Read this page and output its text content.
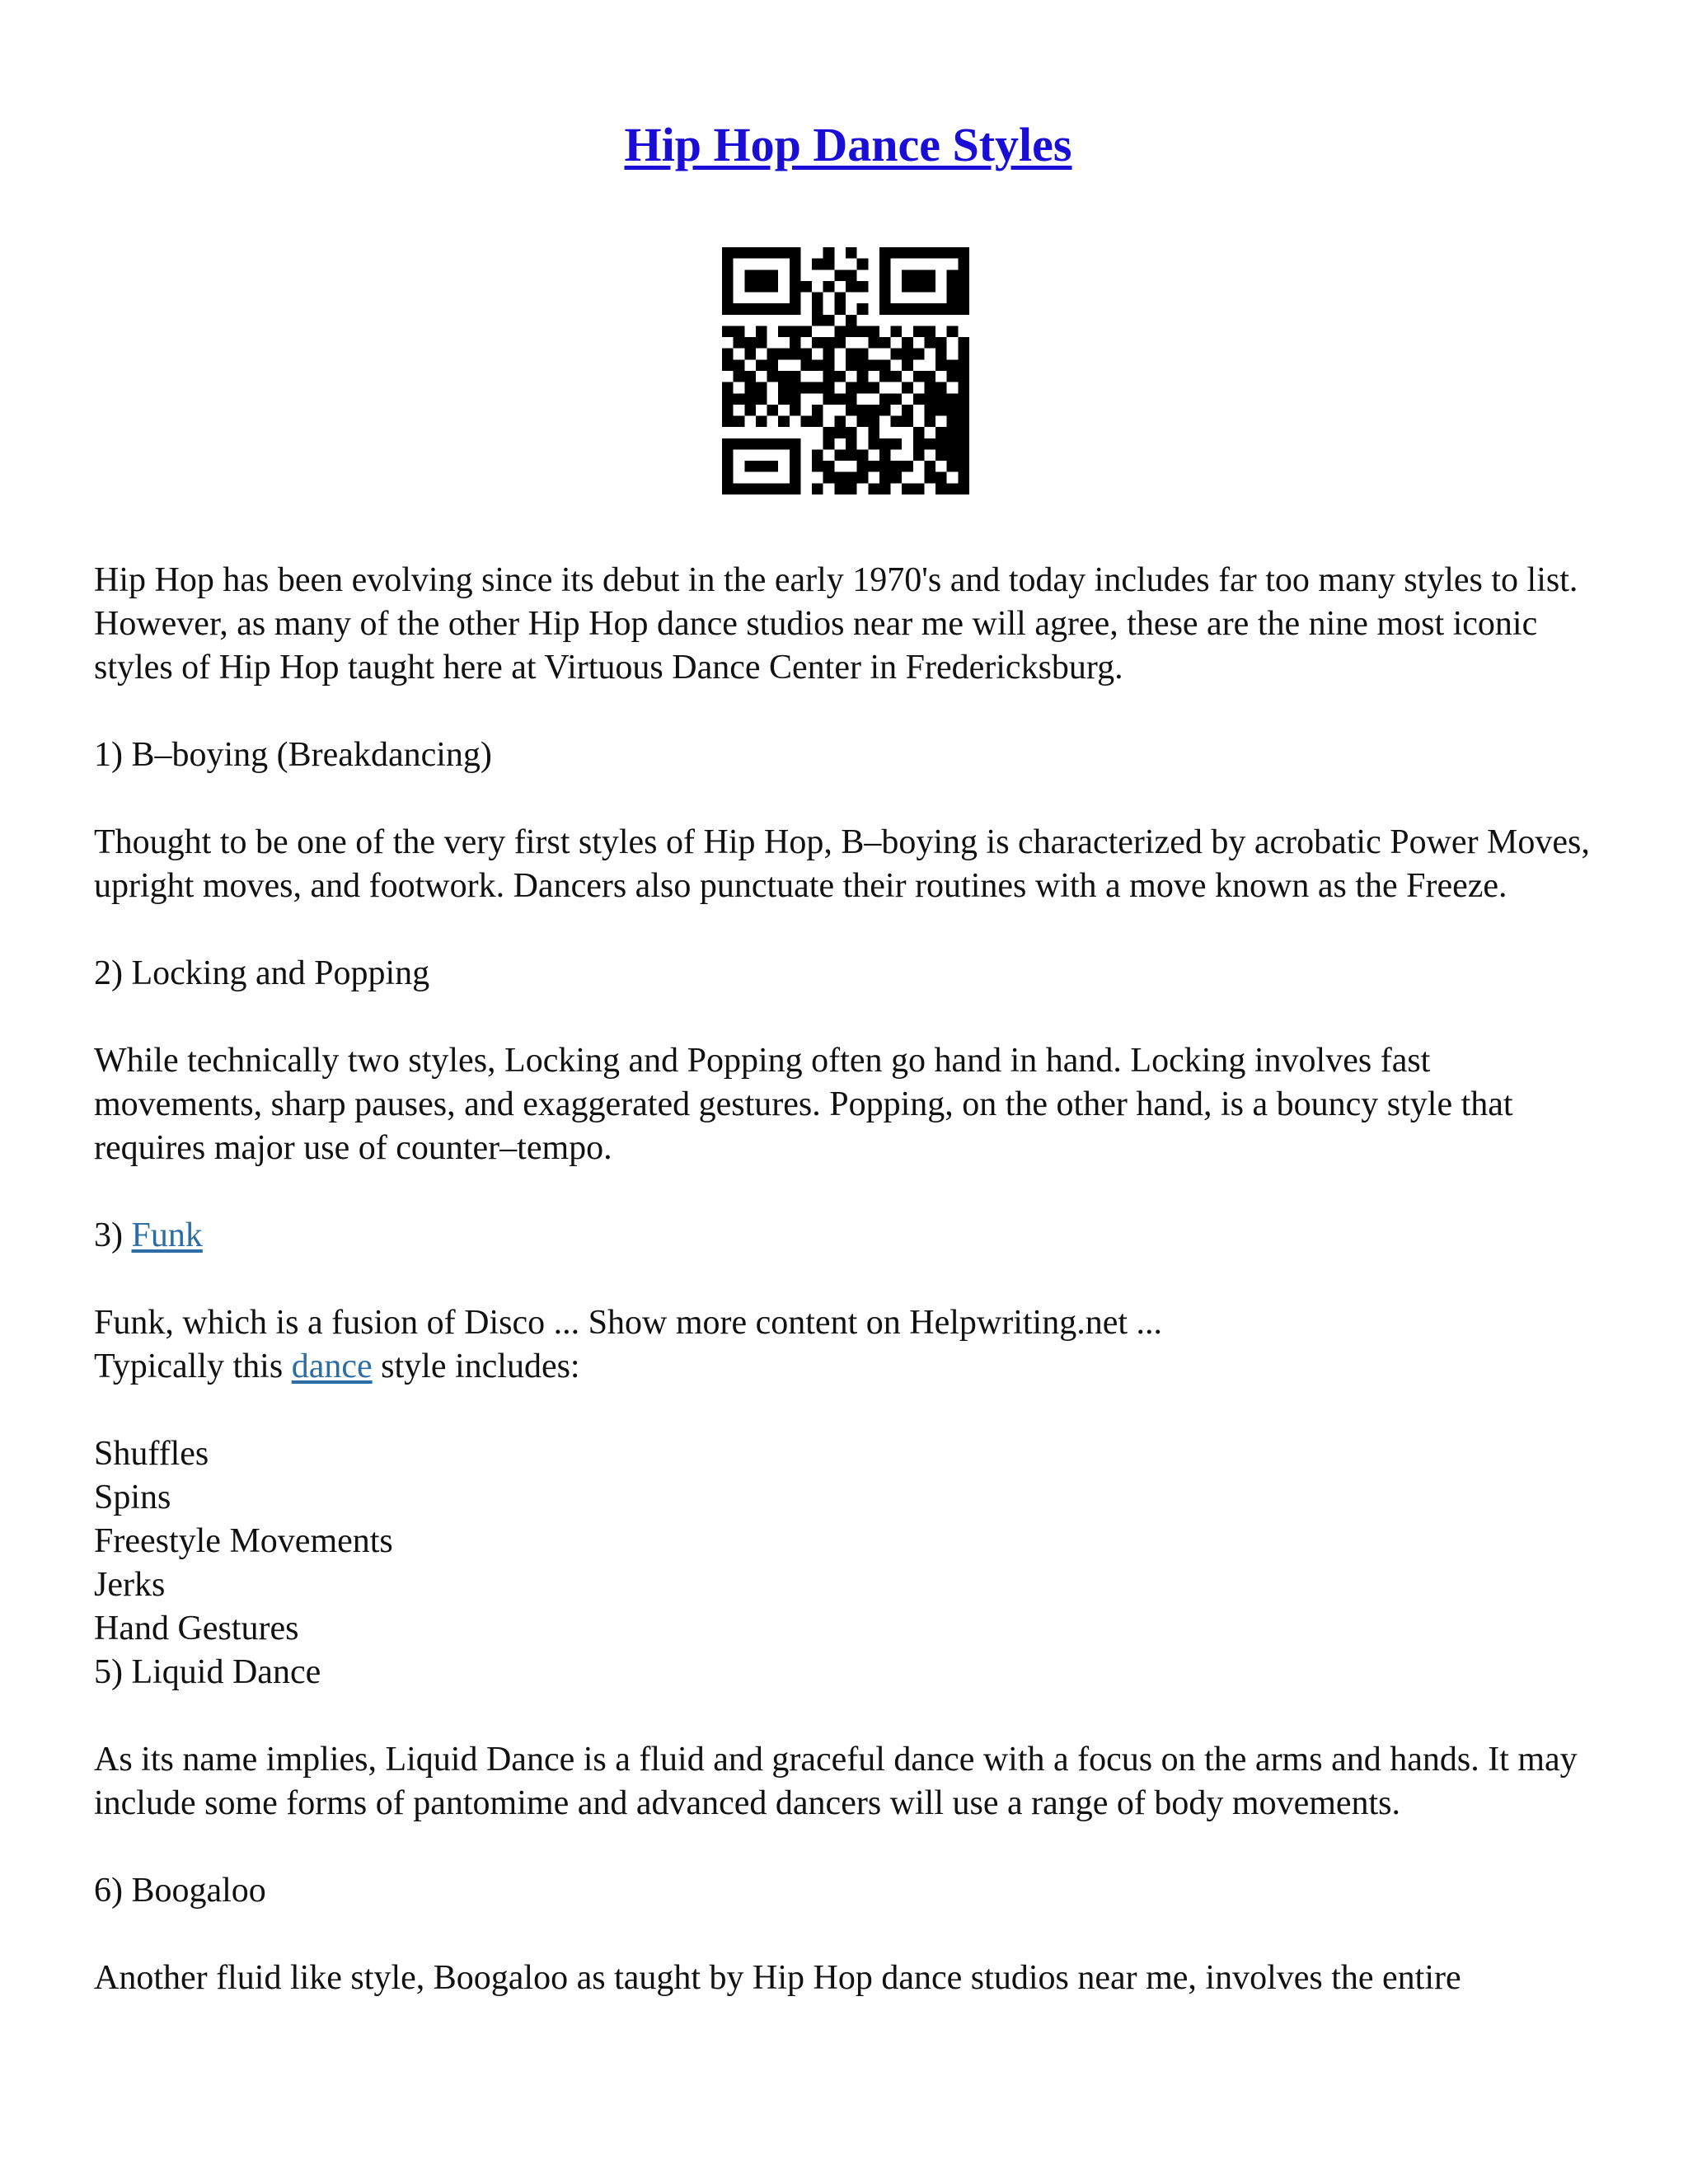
Hip Hop Dance Styles

Hip Hop has been evolving since its debut in the early 1970's and today includes far too many styles to list. However, as many of the other Hip Hop dance studios near me will agree, these are the nine most iconic styles of Hip Hop taught here at Virtuous Dance Center in Fredericksburg.

1) B–boying (Breakdancing)

Thought to be one of the very first styles of Hip Hop, B–boying is characterized by acrobatic Power Moves, upright moves, and footwork. Dancers also punctuate their routines with a move known as the Freeze.

2) Locking and Popping

While technically two styles, Locking and Popping often go hand in hand. Locking involves fast movements, sharp pauses, and exaggerated gestures. Popping, on the other hand, is a bouncy style that requires major use of counter–tempo.

3) Funk

Funk, which is a fusion of Disco ... Show more content on Helpwriting.net ...

Typically this dance style includes:

Shuffles
Spins
Freestyle Movements
Jerks
Hand Gestures

5) Liquid Dance

As its name implies, Liquid Dance is a fluid and graceful dance with a focus on the arms and hands. It may include some forms of pantomime and advanced dancers will use a range of body movements.

6) Boogaloo

Another fluid like style, Boogaloo as taught by Hip Hop dance studios near me, involves the entire
